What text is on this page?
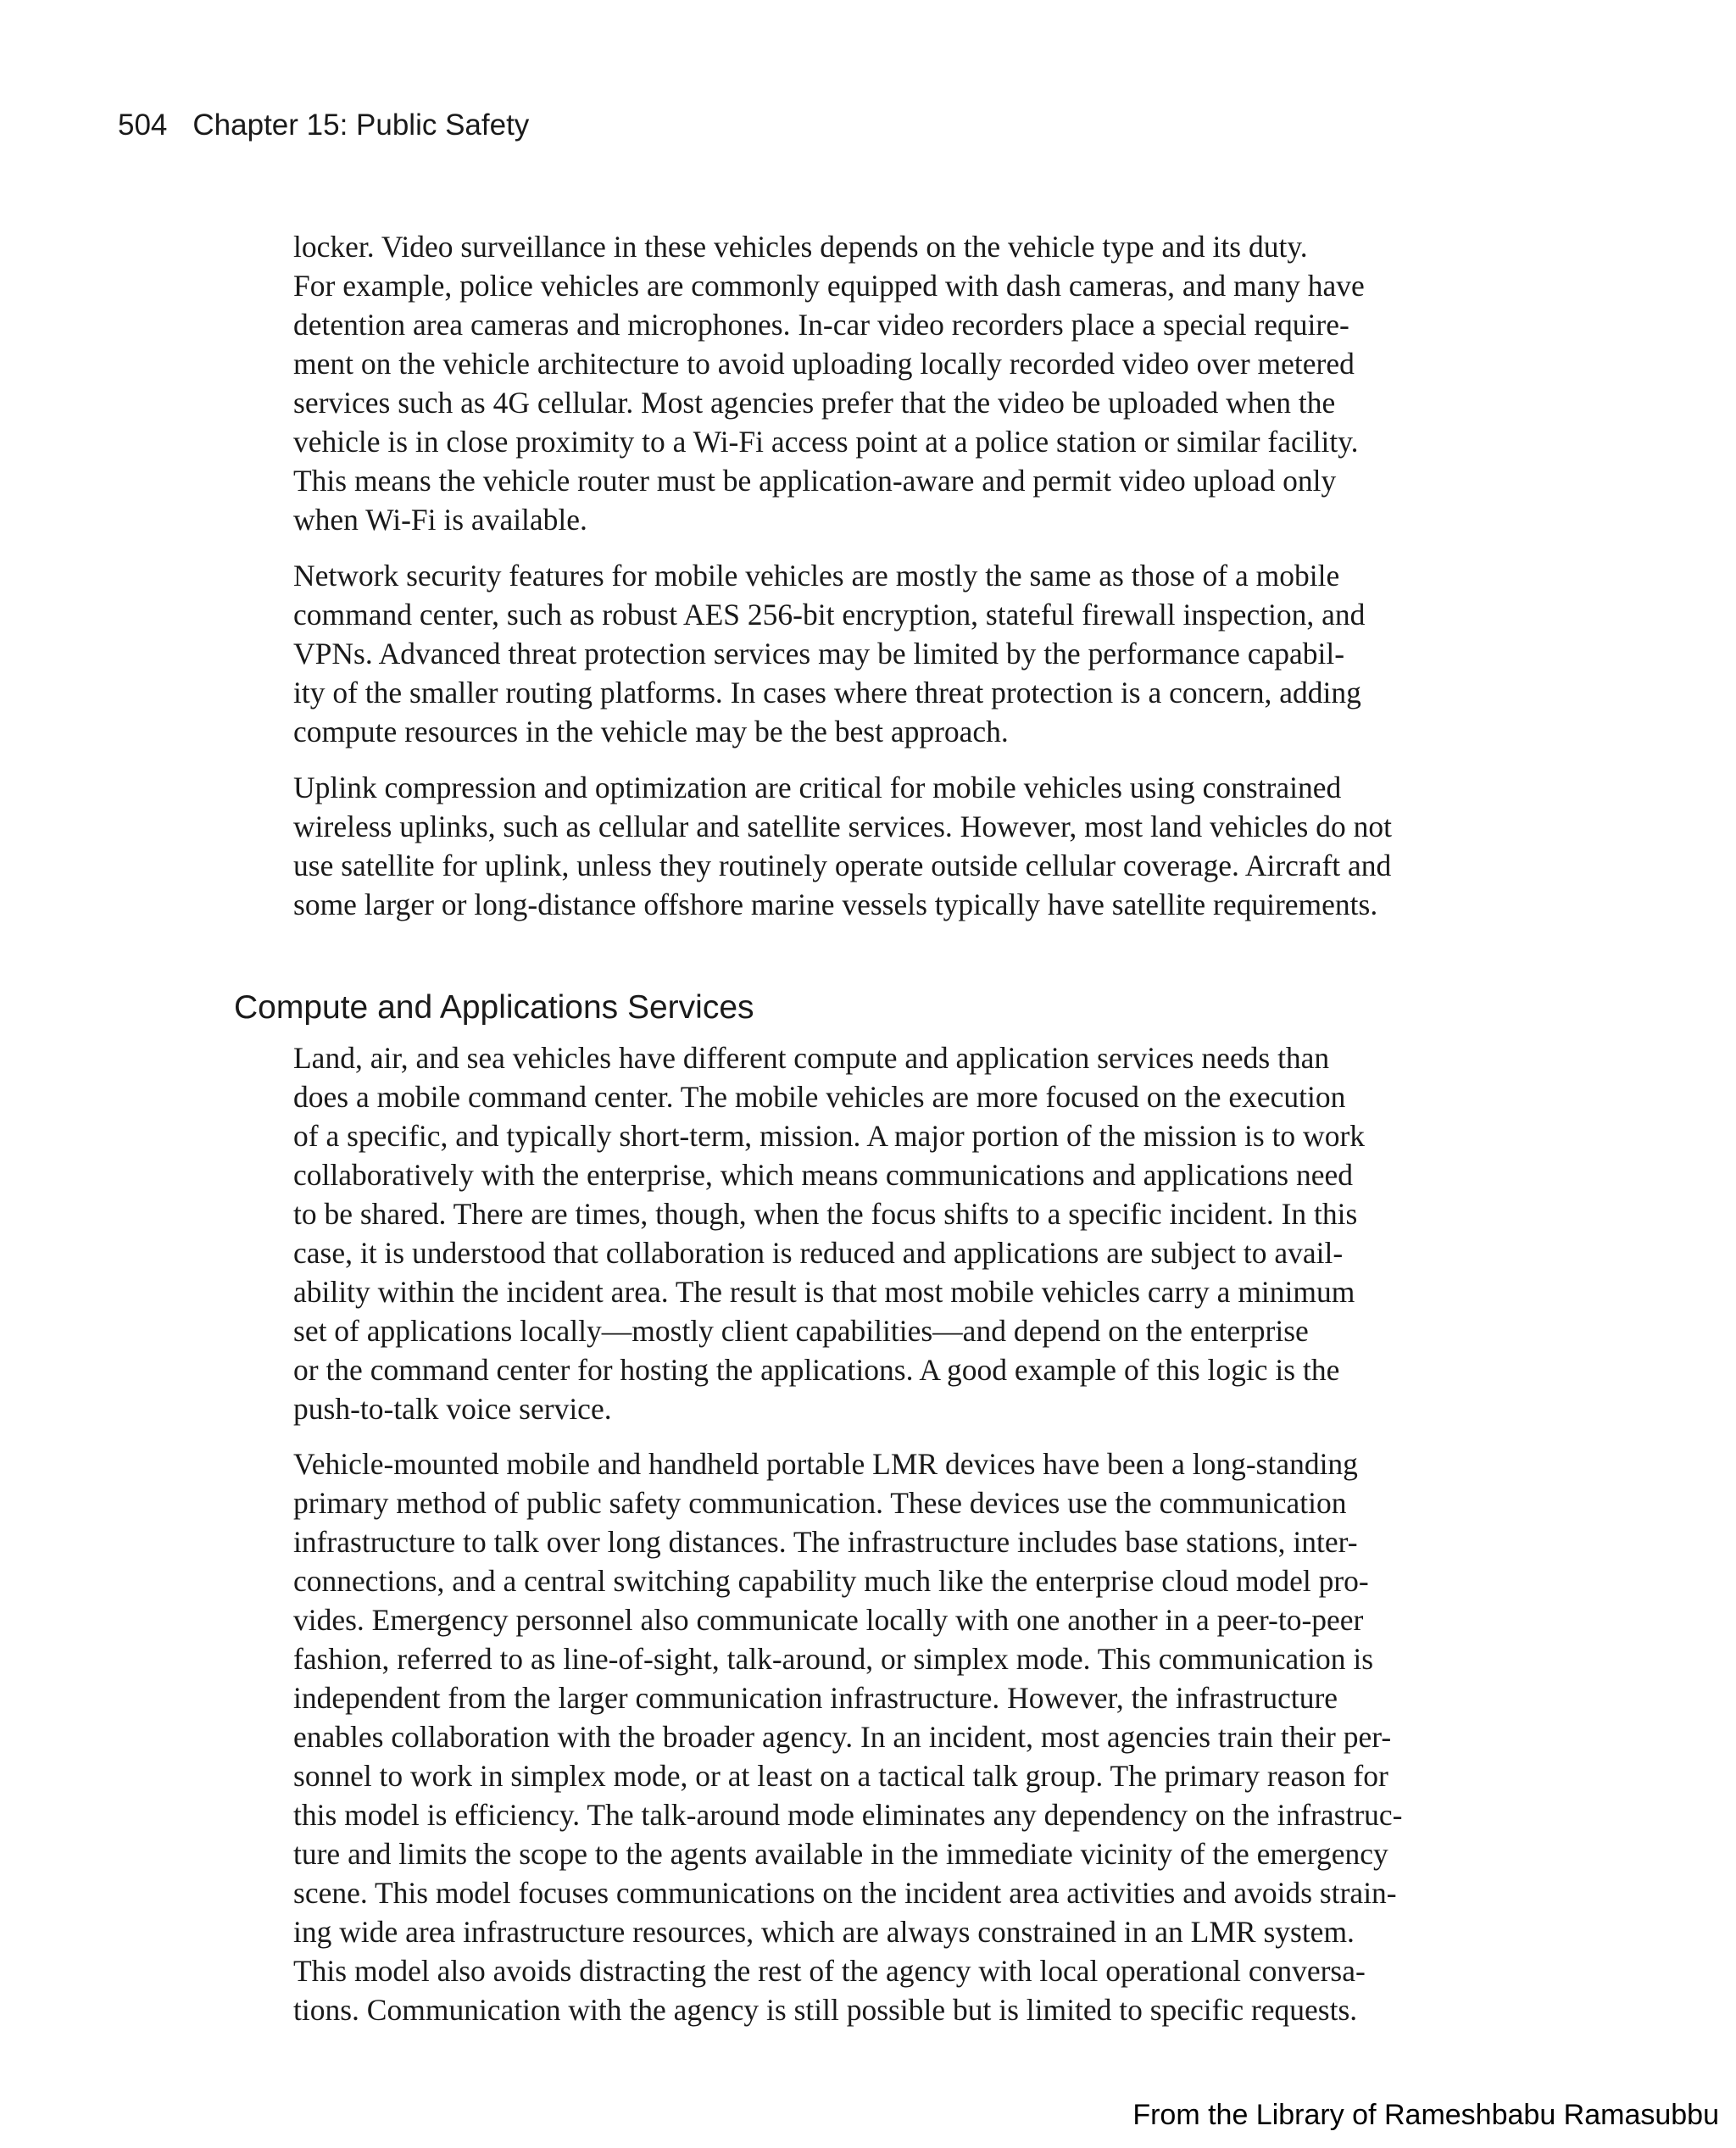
504 Chapter 15: Public Safety
locker. Video surveillance in these vehicles depends on the vehicle type and its duty.
For example, police vehicles are commonly equipped with dash cameras, and many have
detention area cameras and microphones. In-car video recorders place a special require-
ment on the vehicle architecture to avoid uploading locally recorded video over metered
services such as 4G cellular. Most agencies prefer that the video be uploaded when the
vehicle is in close proximity to a Wi-Fi access point at a police station or similar facility.
This means the vehicle router must be application-aware and permit video upload only
when Wi-Fi is available.
Network security features for mobile vehicles are mostly the same as those of a mobile
command center, such as robust AES 256-bit encryption, stateful firewall inspection, and
VPNs. Advanced threat protection services may be limited by the performance capabil-
ity of the smaller routing platforms. In cases where threat protection is a concern, adding
compute resources in the vehicle may be the best approach.
Uplink compression and optimization are critical for mobile vehicles using constrained
wireless uplinks, such as cellular and satellite services. However, most land vehicles do not
use satellite for uplink, unless they routinely operate outside cellular coverage. Aircraft and
some larger or long-distance offshore marine vessels typically have satellite requirements.
Compute and Applications Services
Land, air, and sea vehicles have different compute and application services needs than
does a mobile command center. The mobile vehicles are more focused on the execution
of a specific, and typically short-term, mission. A major portion of the mission is to work
collaboratively with the enterprise, which means communications and applications need
to be shared. There are times, though, when the focus shifts to a specific incident. In this
case, it is understood that collaboration is reduced and applications are subject to avail-
ability within the incident area. The result is that most mobile vehicles carry a minimum
set of applications locally—mostly client capabilities—and depend on the enterprise
or the command center for hosting the applications. A good example of this logic is the
push-to-talk voice service.
Vehicle-mounted mobile and handheld portable LMR devices have been a long-standing
primary method of public safety communication. These devices use the communication
infrastructure to talk over long distances. The infrastructure includes base stations, inter-
connections, and a central switching capability much like the enterprise cloud model pro-
vides. Emergency personnel also communicate locally with one another in a peer-to-peer
fashion, referred to as line-of-sight, talk-around, or simplex mode. This communication is
independent from the larger communication infrastructure. However, the infrastructure
enables collaboration with the broader agency. In an incident, most agencies train their per-
sonnel to work in simplex mode, or at least on a tactical talk group. The primary reason for
this model is efficiency. The talk-around mode eliminates any dependency on the infrastruc-
ture and limits the scope to the agents available in the immediate vicinity of the emergency
scene. This model focuses communications on the incident area activities and avoids strain-
ing wide area infrastructure resources, which are always constrained in an LMR system.
This model also avoids distracting the rest of the agency with local operational conversa-
tions. Communication with the agency is still possible but is limited to specific requests.
From the Library of Rameshbabu Ramasubbu
